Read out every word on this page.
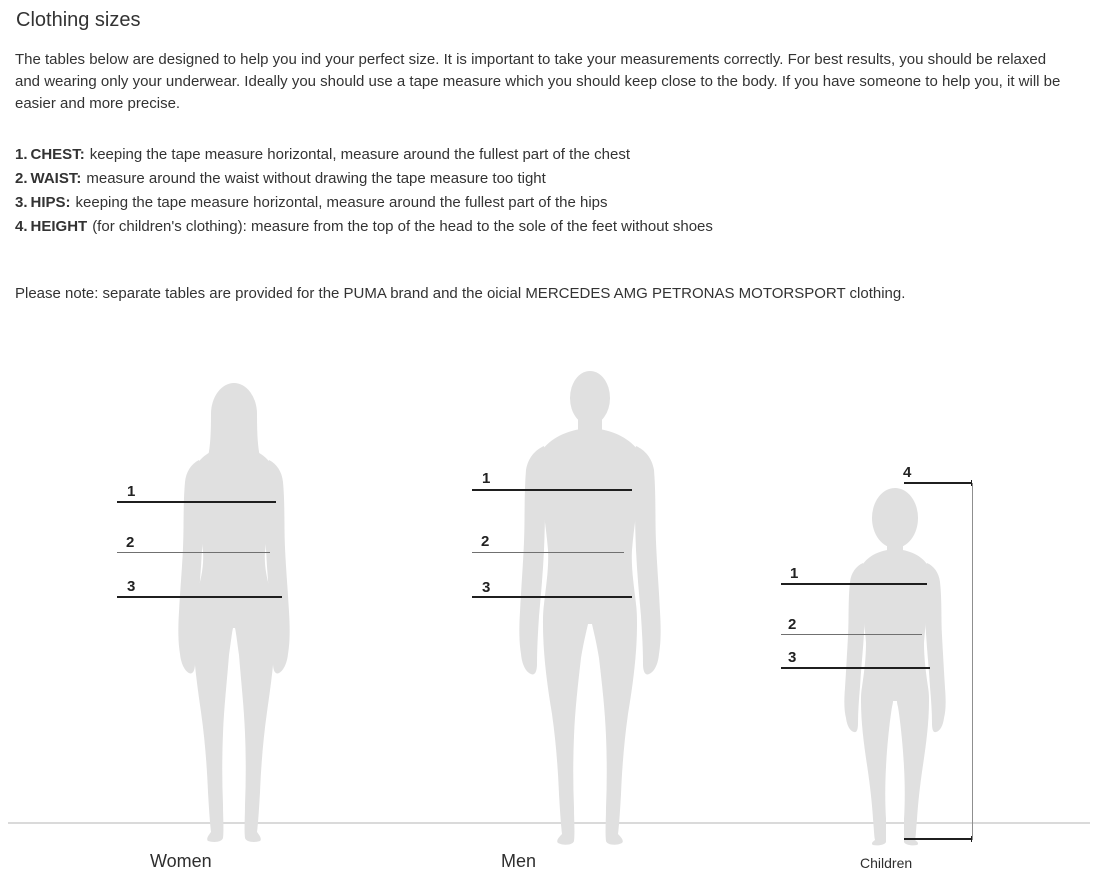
Clothing sizes
The tables below are designed to help you ind your perfect size. It is important to take your measurements correctly. For best results, you should be relaxed and wearing only your underwear. Ideally you should use a tape measure which you should keep close to the body. If you have someone to help you, it will be easier and more precise.
1. CHEST: keeping the tape measure horizontal, measure around the fullest part of the chest
2. WAIST: measure around the waist without drawing the tape measure too tight
3. HIPS: keeping the tape measure horizontal, measure around the fullest part of the hips
4. HEIGHT (for children's clothing): measure from the top of the head to the sole of the feet without shoes
Please note: separate tables are provided for the PUMA brand and the oicial MERCEDES AMG PETRONAS MOTORSPORT clothing.
1
2
3
1
2
3
4
1
2
3
Women	Men	Children
